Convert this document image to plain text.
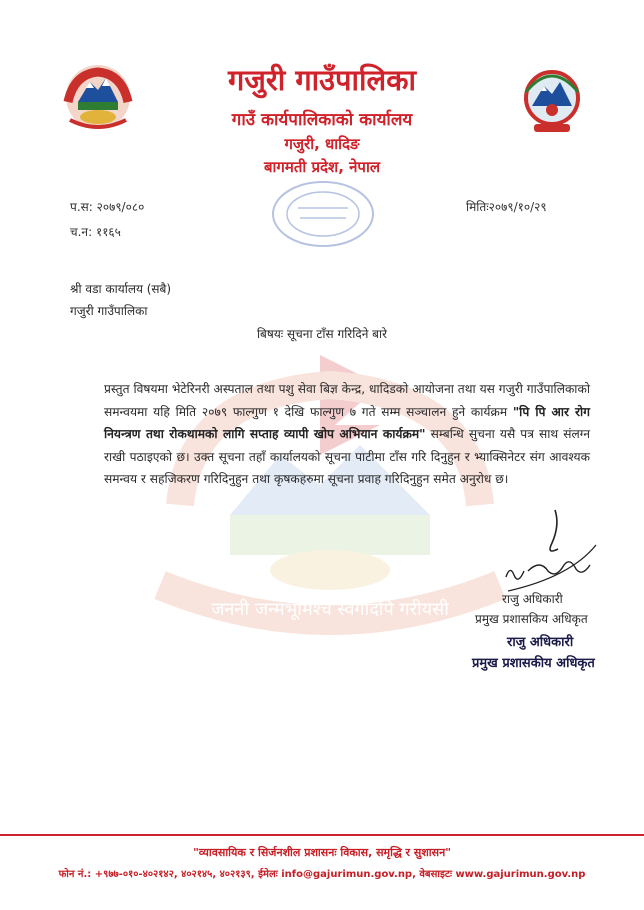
गजुरी गाउँपालिका
गाउँ कार्यपालिकाको कार्यालय
गजुरी, धादिङ
बागमती प्रदेश, नेपाल
प.स: २०७९/०८०
च.न: ११६५
मितिः२०७९/१०/२९
श्री वडा कार्यालय (सबै)
गजुरी गाउँपालिका
बिषयः सूचना टाँस गरिदिने बारे
जननी जन्मभूमिश्च स्वर्गादपि गरीयसी

प्रस्तुत विषयमा भेटेरिनरी अस्पताल तथा पशु सेवा बिज्ञ केन्द्र, धादिडको आयोजना तथा यस गजुरी गाउँपालिकाको समन्वयमा यहि मिति २०७९ फाल्गुण १ देखि फाल्गुण ७ गते सम्म सञ्चालन हुने कार्यक्रम "पि पि आर रोग नियन्त्रण तथा रोकथामको लागि सप्ताह व्यापी खोप अभियान कार्यक्रम" सम्बन्धि सुचना यसै पत्र साथ संलग्न राखी पठाइएको छ। उक्त सूचना तहाँ कार्यालयको सूचना पाटीमा टाँस गरि दिनुहुन र भ्याक्सिनेटर संग आवश्यक समन्वय र सहजिकरण गरिदिनुहुन तथा कृषकहरुमा सूचना प्रवाह गरिदिनुहुन समेत अनुरोध छ।

राजु अधिकारी
प्रमुख प्रशासकिय अधिकृत
राजु अधिकारी
प्रमुख प्रशासकीय अधिकृत
"व्यावसायिक र सिर्जनशील प्रशासनः विकास, समृद्धि र सुशासन"
फोन नं.: +९७७-०१०-४०२१४२, ४०२१४५, ४०२१३९, ईमेलः info@gajurimun.gov.np, वेबसाइटः www.gajurimun.gov.np
